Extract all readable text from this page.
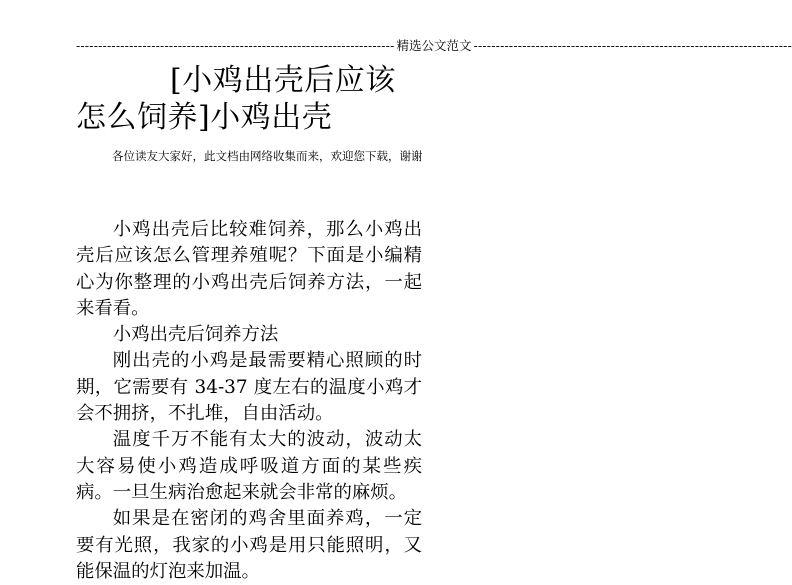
-----
精选公文范文
-----
[小鸡出壳后应该怎么饲养]小鸡出壳
各位读友大家好，此文档由网络收集而来，欢迎您下载，谢谢

小鸡出壳后比较难饲养，那么小鸡出壳后应该怎么管理养殖呢？下面是小编精心为你整理的小鸡出壳后饲养方法，一起来看看。

小鸡出壳后饲养方法

刚出壳的小鸡是最需要精心照顾的时期，它需要有 34-37 度左右的温度小鸡才会不拥挤，不扎堆，自由活动。

温度千万不能有太大的波动，波动太大容易使小鸡造成呼吸道方面的某些疾病。一旦生病治愈起来就会非常的麻烦。

如果是在密闭的鸡舍里面养鸡，一定要有光照，我家的小鸡是用只能照明，又能保温的灯泡来加温。
